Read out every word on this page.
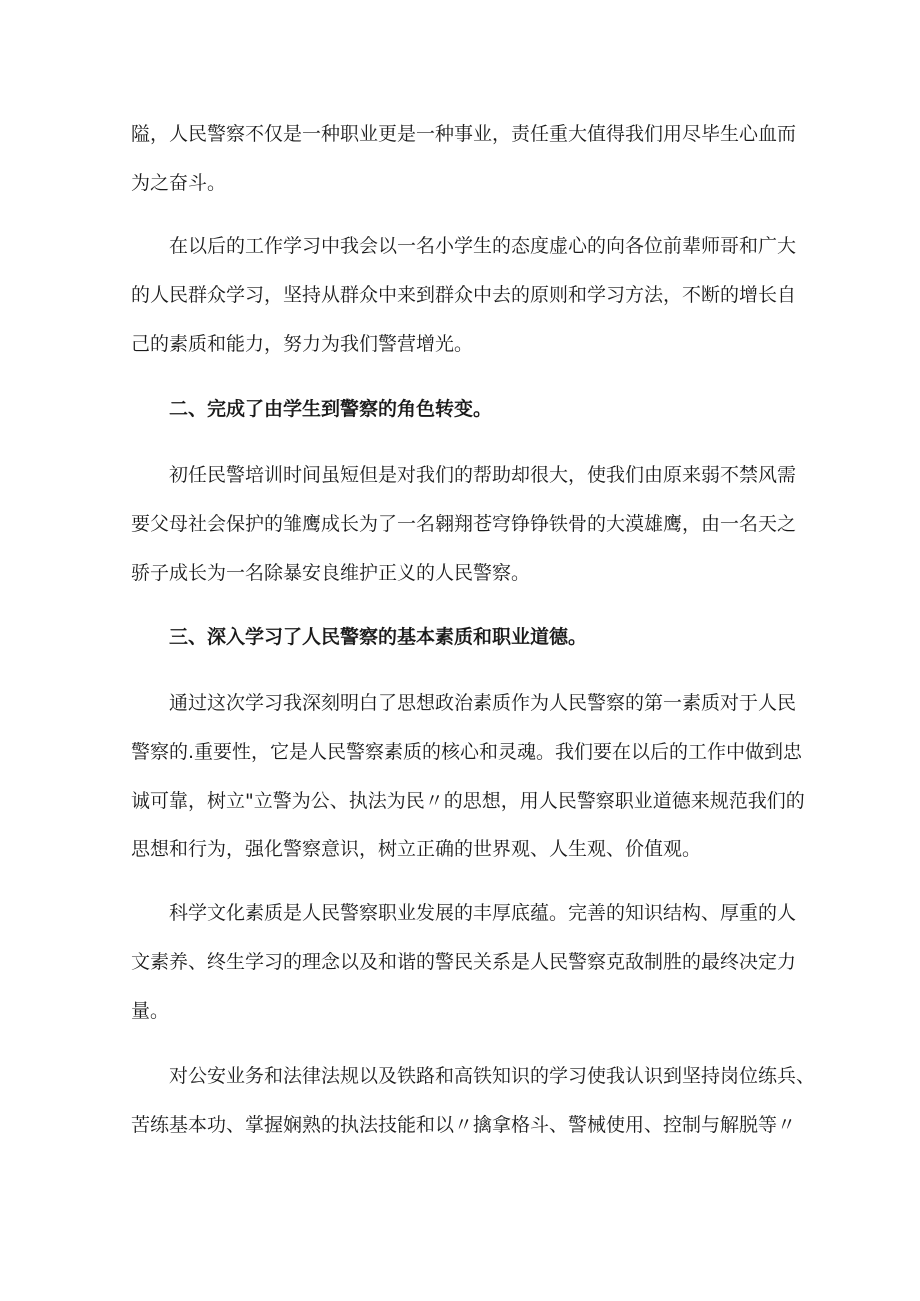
隘，人民警察不仅是一种职业更是一种事业，责任重大值得我们用尽毕生心血而
为之奋斗。
在以后的工作学习中我会以一名小学生的态度虚心的向各位前辈师哥和广大
的人民群众学习，坚持从群众中来到群众中去的原则和学习方法，不断的增长自
己的素质和能力，努力为我们警营增光。
二、完成了由学生到警察的角色转变。
初任民警培训时间虽短但是对我们的帮助却很大，使我们由原来弱不禁风需
要父母社会保护的雏鹰成长为了一名翱翔苍穹铮铮铁骨的大漠雄鹰，由一名天之
骄子成长为一名除暴安良维护正义的人民警察。
三、深入学习了人民警察的基本素质和职业道德。
通过这次学习我深刻明白了思想政治素质作为人民警察的第一素质对于人民
警察的.重要性，它是人民警察素质的核心和灵魂。我们要在以后的工作中做到忠
诚可靠，树立"立警为公、执法为民〃的思想，用人民警察职业道德来规范我们的
思想和行为，强化警察意识，树立正确的世界观、人生观、价值观。
科学文化素质是人民警察职业发展的丰厚底蕴。完善的知识结构、厚重的人
文素养、终生学习的理念以及和谐的警民关系是人民警察克敌制胜的最终决定力
量。
对公安业务和法律法规以及铁路和高铁知识的学习使我认识到坚持岗位练兵、
苦练基本功、掌握娴熟的执法技能和以〃擒拿格斗、警械使用、控制与解脱等〃
